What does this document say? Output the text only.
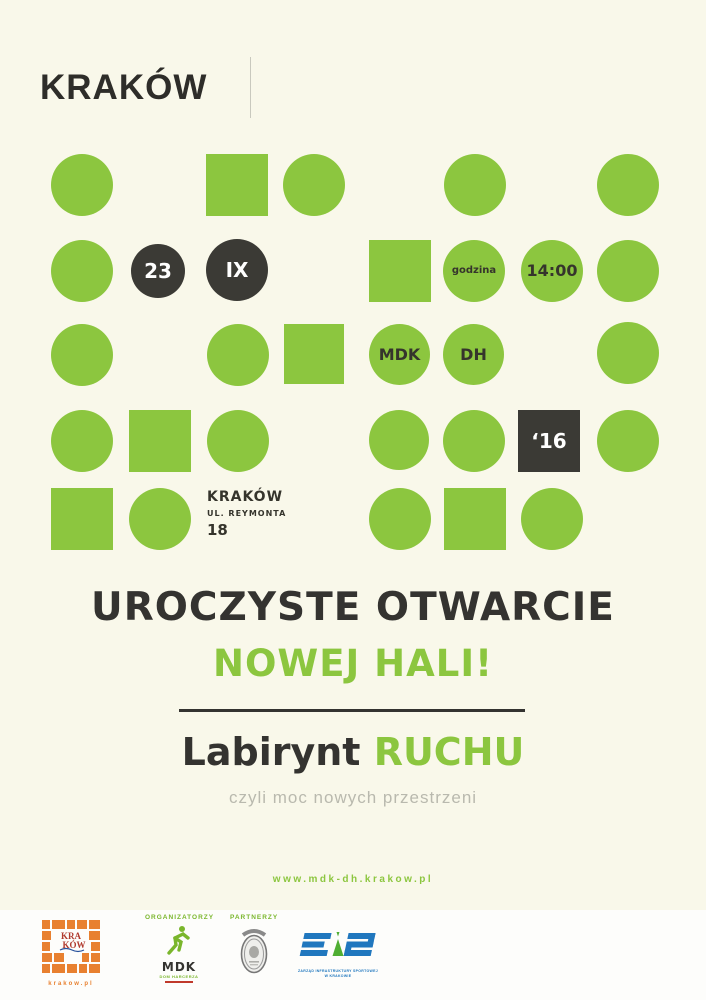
KRAKÓW
23	IX	godzina 14:00
MDK DH
‘16
KRAKÓW
UL. REYMONTA
18
UROCZYSTE OTWARCIE
NOWEJ HALI!
Labirynt RUCHU
czyli moc nowych przestrzeni
www.mdk-dh.krakow.pl
KRA
KÓW
krakow.pl
ORGANIZATORZY
MDK
DOM HARCERZA
PARTNERZY
ZARZĄD INFRASTRUKTURY SPORTOWEJ
W KRAKOWIE
